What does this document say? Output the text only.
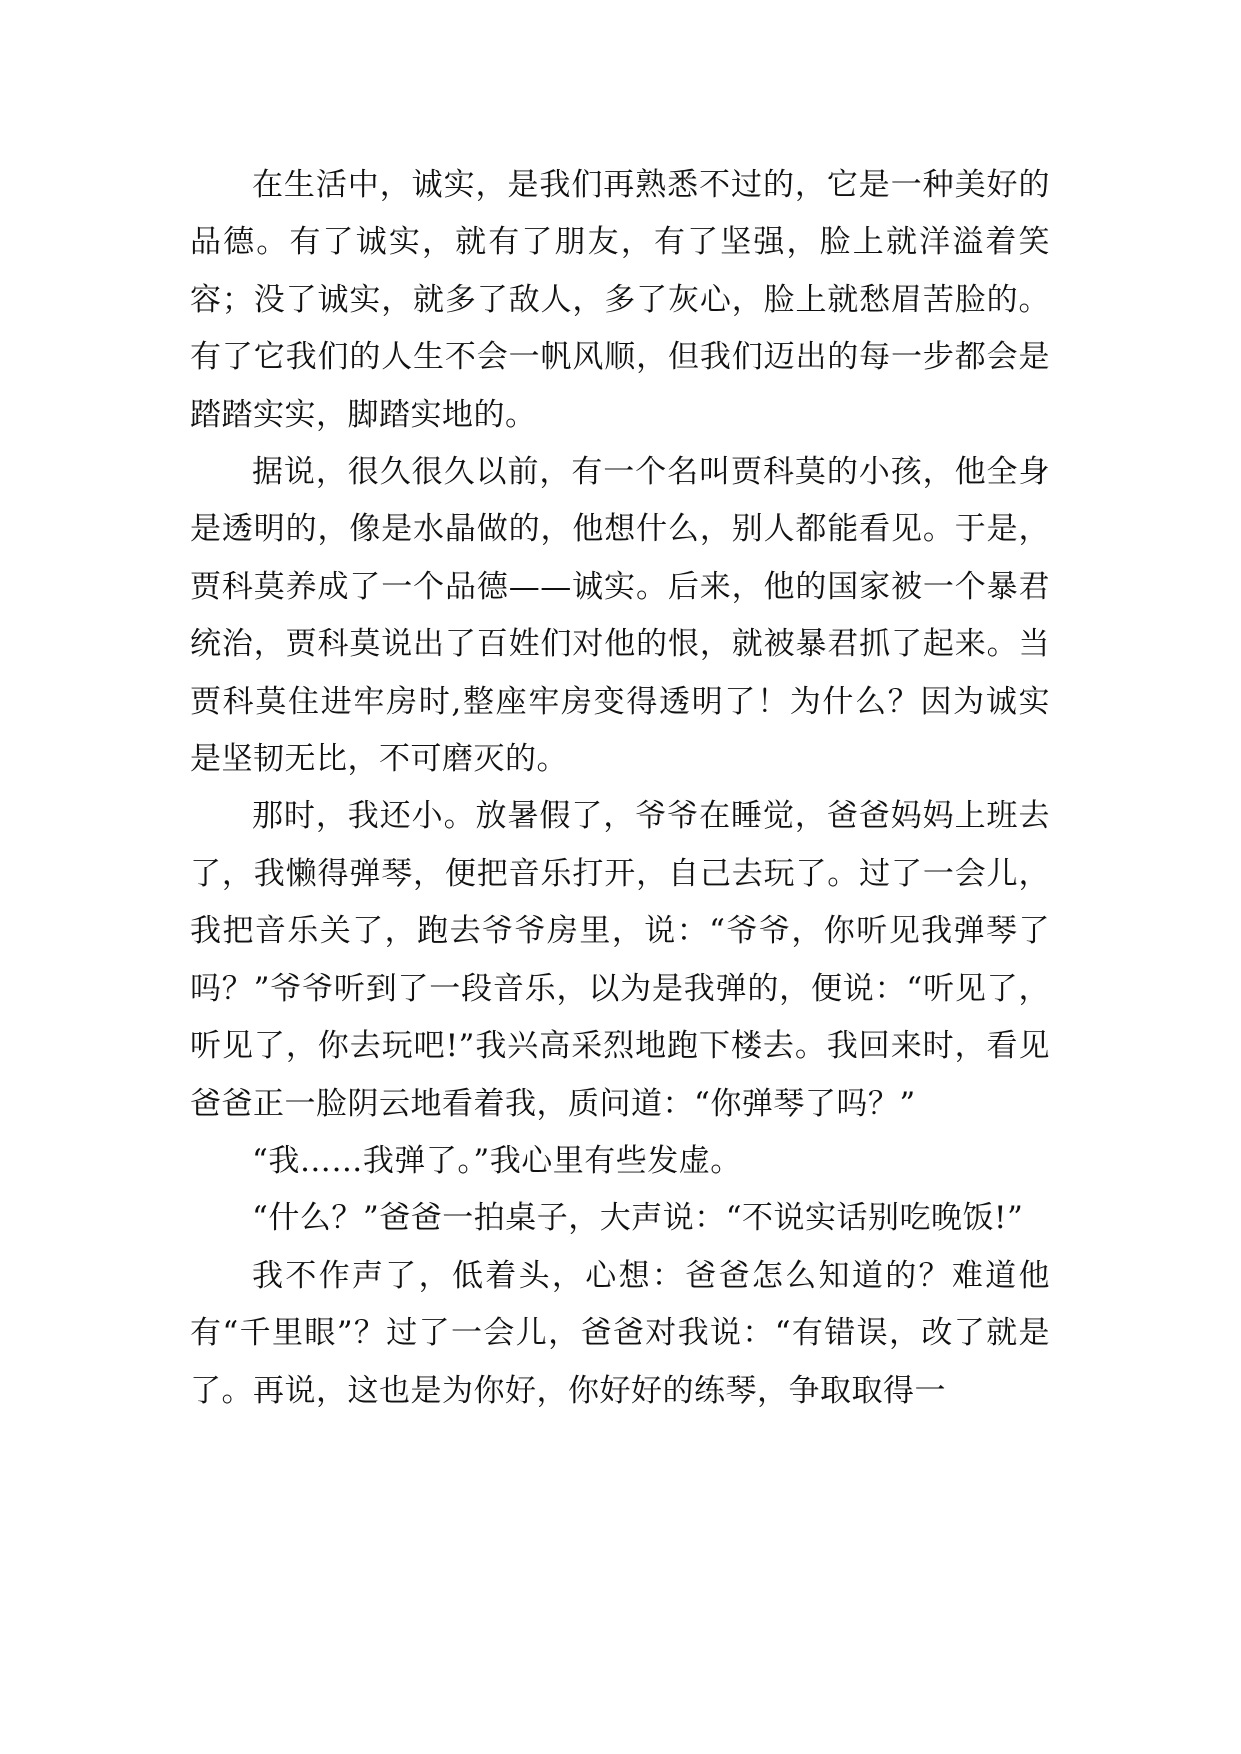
在生活中，诚实，是我们再熟悉不过的，它是一种美好的品德。有了诚实，就有了朋友，有了坚强，脸上就洋溢着笑容；没了诚实，就多了敌人，多了灰心，脸上就愁眉苦脸的。有了它我们的人生不会一帆风顺，但我们迈出的每一步都会是踏踏实实，脚踏实地的。

据说，很久很久以前，有一个名叫贾科莫的小孩，他全身是透明的，像是水晶做的，他想什么，别人都能看见。于是，贾科莫养成了一个品德——诚实。后来，他的国家被一个暴君统治，贾科莫说出了百姓们对他的恨，就被暴君抓了起来。当贾科莫住进牢房时,整座牢房变得透明了！为什么？因为诚实是坚韧无比，不可磨灭的。

那时，我还小。放暑假了，爷爷在睡觉，爸爸妈妈上班去了，我懒得弹琴，便把音乐打开，自己去玩了。过了一会儿，我把音乐关了，跑去爷爷房里，说：“爷爷，你听见我弹琴了吗？”爷爷听到了一段音乐，以为是我弹的，便说：“听见了，听见了，你去玩吧!”我兴高采烈地跑下楼去。我回来时，看见爸爸正一脸阴云地看着我，质问道：“你弹琴了吗？”

“我……我弹了。”我心里有些发虚。

“什么？”爸爸一拍桌子，大声说：“不说实话别吃晚饭!”

我不作声了，低着头，心想：爸爸怎么知道的？难道他有“千里眼”？过了一会儿，爸爸对我说：“有错误，改了就是了。再说，这也是为你好，你好好的练琴，争取取得一
